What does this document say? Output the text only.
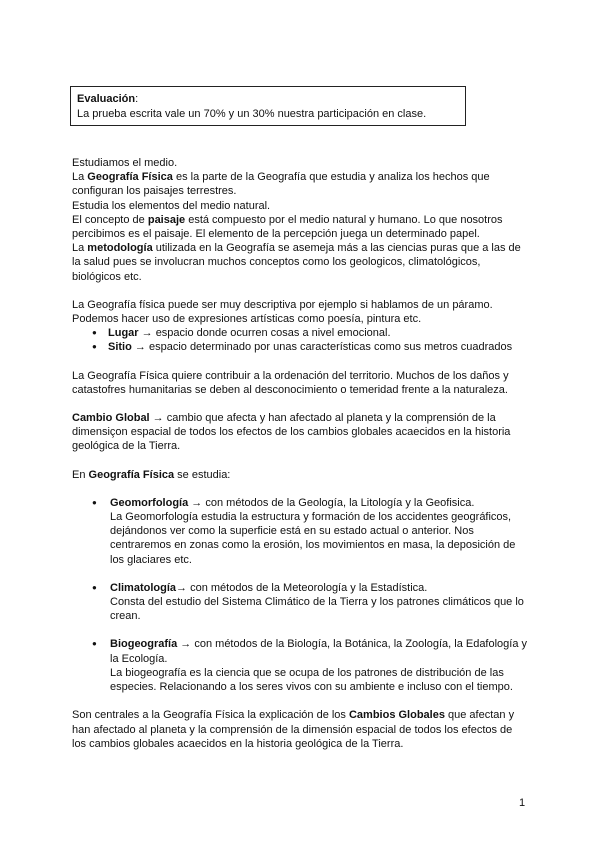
Evaluación:
La prueba escrita vale un 70% y un 30% nuestra participación en clase.

Estudiamos el medio.

La Geografía Física es la parte de la Geografía que estudia y analiza los hechos que configuran los paisajes terrestres.

Estudia los elementos del medio natural.

El concepto de paisaje está compuesto por el medio natural y humano. Lo que nosotros percibimos es el paisaje. El elemento de la percepción juega un determinado papel.

La metodología utilizada en la Geografía se asemeja más a las ciencias puras que a las de la salud pues se involucran muchos conceptos como los geologicos, climatológicos, biológicos etc.

La Geografía física puede ser muy descriptiva por ejemplo si hablamos de un páramo. Podemos hacer uso de expresiones artísticas como poesía, pintura etc.

● Lugar → espacio donde ocurren cosas a nivel emocional.
● Sitio → espacio determinado por unas características como sus metros cuadrados

La Geografía Física quiere contribuir a la ordenación del territorio. Muchos de los daños y catastofres humanitarias se deben al desconocimiento o temeridad frente a la naturaleza.

Cambio Global → cambio que afecta y han afectado al planeta y la comprensión de la dimensiçon espacial de todos los efectos de los cambios globales acaecidos en la historia geológica de la Tierra.

En Geografía Física se estudia:

● Geomorfología → con métodos de la Geología, la Litología y la Geofisica.
La Geomorfología estudia la estructura y formación de los accidentes geográficos, dejándonos ver como la superficie está en su estado actual o anterior. Nos centraremos en zonas como la erosión, los movimientos en masa, la deposición de los glaciares etc.
● Climatología→ con métodos de la Meteorología y la Estadística.
Consta del estudio del Sistema Climático de la Tierra y los patrones climáticos que lo crean.
● Biogeografía → con métodos de la Biología, la Botánica, la Zoología, la Edafología y la Ecología.
La biogeografía es la ciencia que se ocupa de los patrones de distribución de las especies. Relacionando a los seres vivos con su ambiente e incluso con el tiempo.

Son centrales a la Geografía Física la explicación de los Cambios Globales que afectan y han afectado al planeta y la comprensión de la dimensión espacial de todos los efectos de los cambios globales acaecidos en la historia geológica de la Tierra.

1
